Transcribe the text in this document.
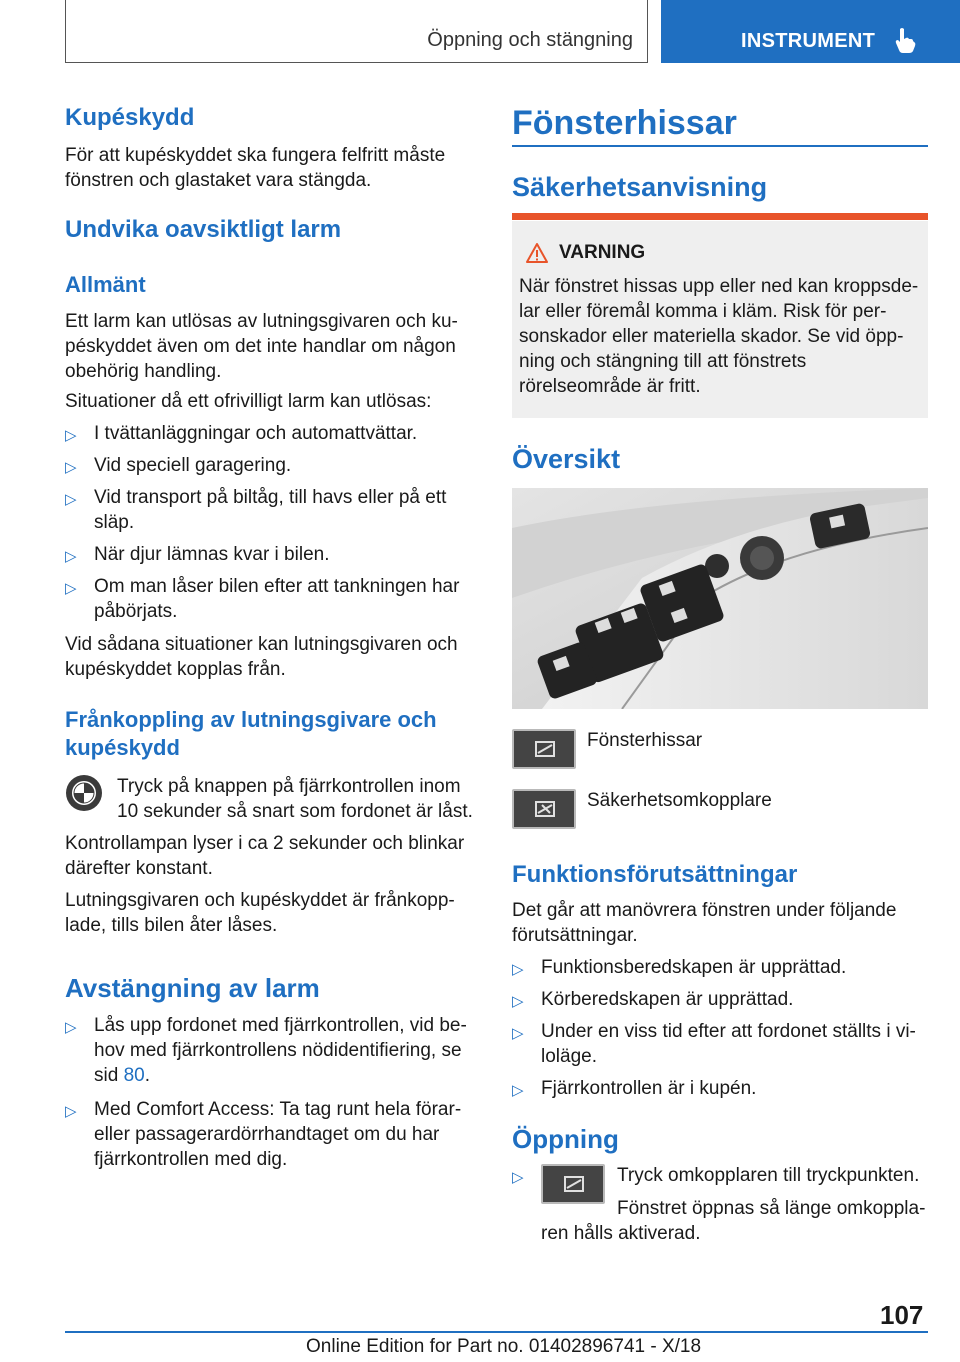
Öppning och stängning	INSTRUMENT
Kupéskydd
För att kupéskyddet ska fungera felfritt måste
fönstren och glastaket vara stängda.
Undvika oavsiktligt larm
Allmänt
Ett larm kan utlösas av lutningsgivaren och ku-
péskyddet även om det inte handlar om någon
obehörig handling.
Situationer då ett ofrivilligt larm kan utlösas:
▷ I tvättanläggningar och automattvättar.
▷ Vid speciell garagering.
▷ Vid transport på biltåg, till havs eller på ett
släp.
▷ När djur lämnas kvar i bilen.
▷ Om man låser bilen efter att tankningen har
påbörjats.
Vid sådana situationer kan lutningsgivaren och
kupéskyddet kopplas från.
Frånkoppling av lutningsgivare och
kupéskydd
Tryck på knappen på fjärrkontrollen inom
10 sekunder så snart som fordonet är låst.
Kontrollampan lyser i ca 2 sekunder och blinkar
därefter konstant.
Lutningsgivaren och kupéskyddet är frånkopp-
lade, tills bilen åter låses.
Avstängning av larm
▷ Lås upp fordonet med fjärrkontrollen, vid be-
hov med fjärrkontrollens nödidentifiering, se
sid 80.
▷ Med Comfort Access: Ta tag runt hela förar-
eller passagerardörrhandtaget om du har
fjärrkontrollen med dig.
Fönsterhissar
Säkerhetsanvisning
VARNING
När fönstret hissas upp eller ned kan kroppsde-
lar eller föremål komma i kläm. Risk för per-
sonskador eller materiella skador. Se vid öpp-
ning och stängning till att fönstrets
rörelseområde är fritt.
Översikt
Fönsterhissar
Säkerhetsomkopplare
Funktionsförutsättningar
Det går att manövrera fönstren under följande
förutsättningar.
▷ Funktionsberedskapen är upprättad.
▷ Körberedskapen är upprättad.
▷ Under en viss tid efter att fordonet ställts i vi-
loläge.
▷ Fjärrkontrollen är i kupén.
Öppning
▷	Tryck omkopplaren till tryckpunkten.
Fönstret öppnas så länge omkoppla-
ren hålls aktiverad.
107
Online Edition for Part no. 01402896741 - X/18
